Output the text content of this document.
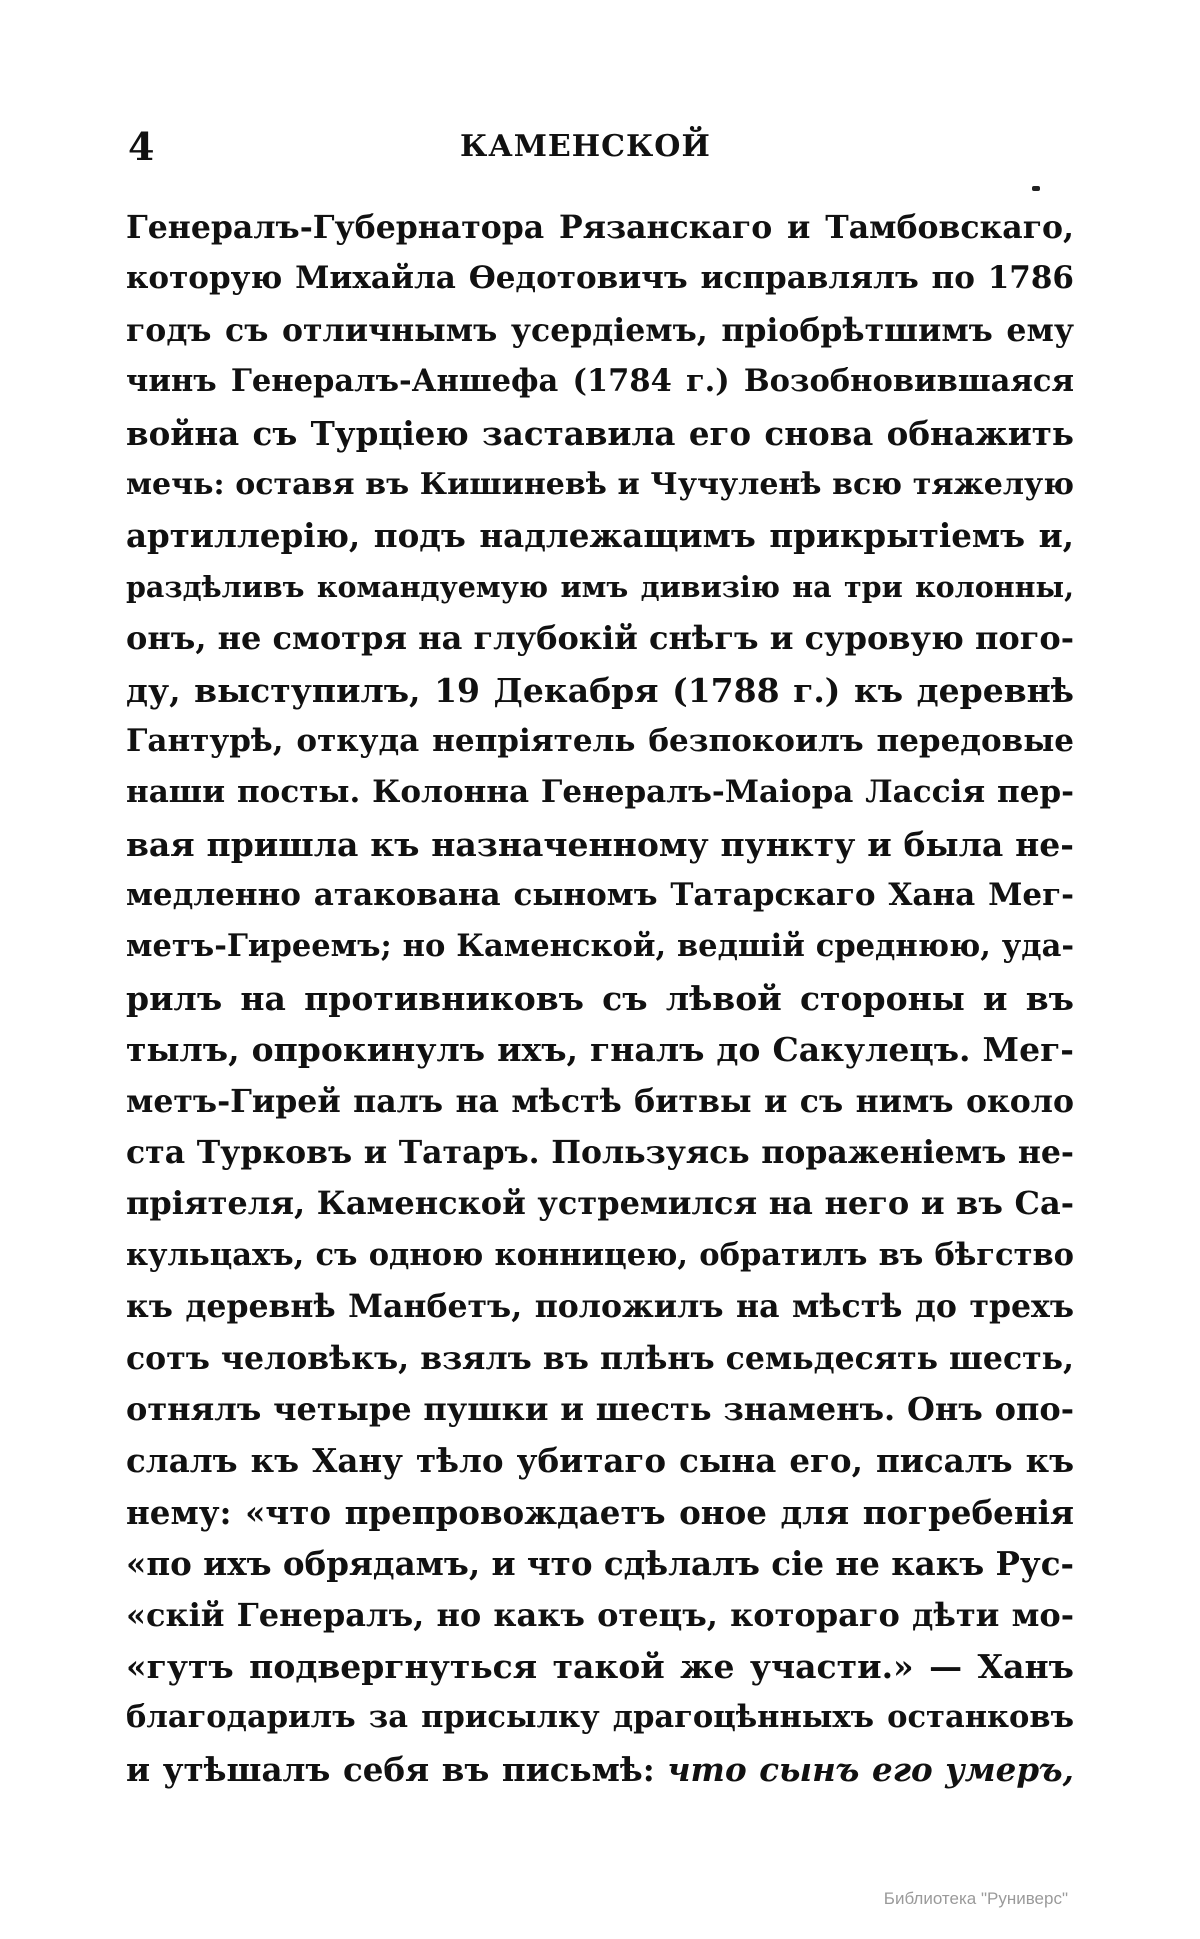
4	КАМЕНСКОЙ
Генералъ-Губернатора Рязанскаго и Тамбовскаго,
которую Михайла Өедотовичъ исправлялъ по 1786
годъ съ отличнымъ усердіемъ, пріобрѣтшимъ ему
чинъ Генералъ-Аншефа (1784 г.) Возобновившаяся
война съ Турціею заставила его снова обнажить
мечь: оставя въ Кишиневѣ и Чучуленѣ всю тяжелую
артиллерію, подъ надлежащимъ прикрытіемъ и,
раздѣливъ командуемую имъ дивизію на три колонны,
онъ, не смотря на глубокій снѣгъ и суровую пого-
ду, выступилъ, 19 Декабря (1788 г.) къ деревнѣ
Гантурѣ, откуда непріятель безпокоилъ передовые
наши посты. Колонна Генералъ-Маіора Лассія пер-
вая пришла къ назначенному пункту и была не-
медленно атакована сыномъ Татарскаго Хана Мег-
метъ-Гиреемъ; но Каменской, ведшій среднюю, уда-
рилъ на противниковъ съ лѣвой стороны и въ
тылъ, опрокинулъ ихъ, гналъ до Сакулецъ. Мег-
метъ-Гирей палъ на мѣстѣ битвы и съ нимъ около
ста Турковъ и Татаръ. Пользуясь пораженіемъ не-
пріятеля, Каменской устремился на него и въ Са-
кульцахъ, съ одною конницею, обратилъ въ бѣгство
къ деревнѣ Манбетъ, положилъ на мѣстѣ до трехъ
сотъ человѣкъ, взялъ въ плѣнъ семьдесять шесть,
отнялъ четыре пушки и шесть знаменъ. Онъ опо-
слалъ къ Хану тѣло убитаго сына его, писалъ къ
нему: «что препровождаетъ оное для погребенія
«по ихъ обрядамъ, и что сдѣлалъ сіе не какъ Рус-
«скій Генералъ, но какъ отецъ, котораго дѣти мо-
«гутъ подвергнуться такой же участи.» — Ханъ
благодарилъ за присылку драгоцѣнныхъ останковъ
и утѣшалъ себя въ письмѣ: что сынъ его умеръ,
Библиотека "Руниверс"
